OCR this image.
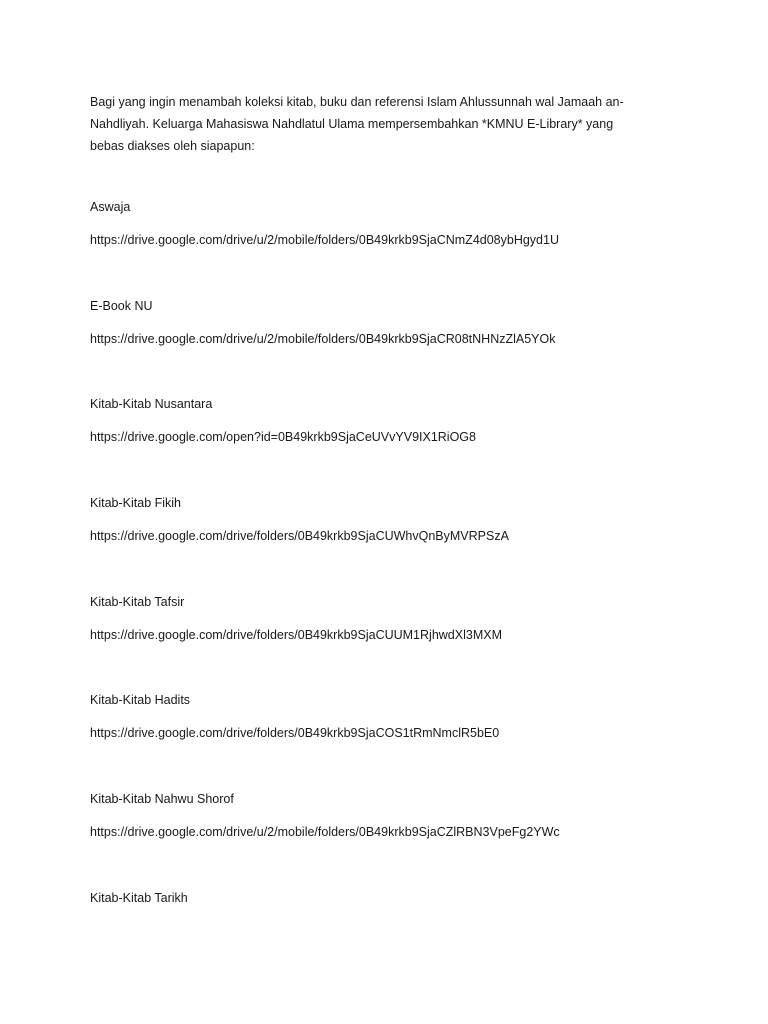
Bagi yang ingin menambah koleksi kitab, buku dan referensi Islam Ahlussunnah wal Jamaah an-Nahdliyah. Keluarga Mahasiswa Nahdlatul Ulama mempersembahkan *KMNU E-Library* yang bebas diakses oleh siapapun:

Aswaja
https://drive.google.com/drive/u/2/mobile/folders/0B49krkb9SjaCNmZ4d08ybHgyd1U
E-Book NU
https://drive.google.com/drive/u/2/mobile/folders/0B49krkb9SjaCR08tNHNzZlA5YOk
Kitab-Kitab Nusantara
https://drive.google.com/open?id=0B49krkb9SjaCeUVvYV9IX1RiOG8
Kitab-Kitab Fikih
https://drive.google.com/drive/folders/0B49krkb9SjaCUWhvQnByMVRPSzA
Kitab-Kitab Tafsir
https://drive.google.com/drive/folders/0B49krkb9SjaCUUM1RjhwdXl3MXM
Kitab-Kitab Hadits
https://drive.google.com/drive/folders/0B49krkb9SjaCOS1tRmNmclR5bE0
Kitab-Kitab Nahwu Shorof
https://drive.google.com/drive/u/2/mobile/folders/0B49krkb9SjaCZlRBN3VpeFg2YWc
Kitab-Kitab Tarikh
